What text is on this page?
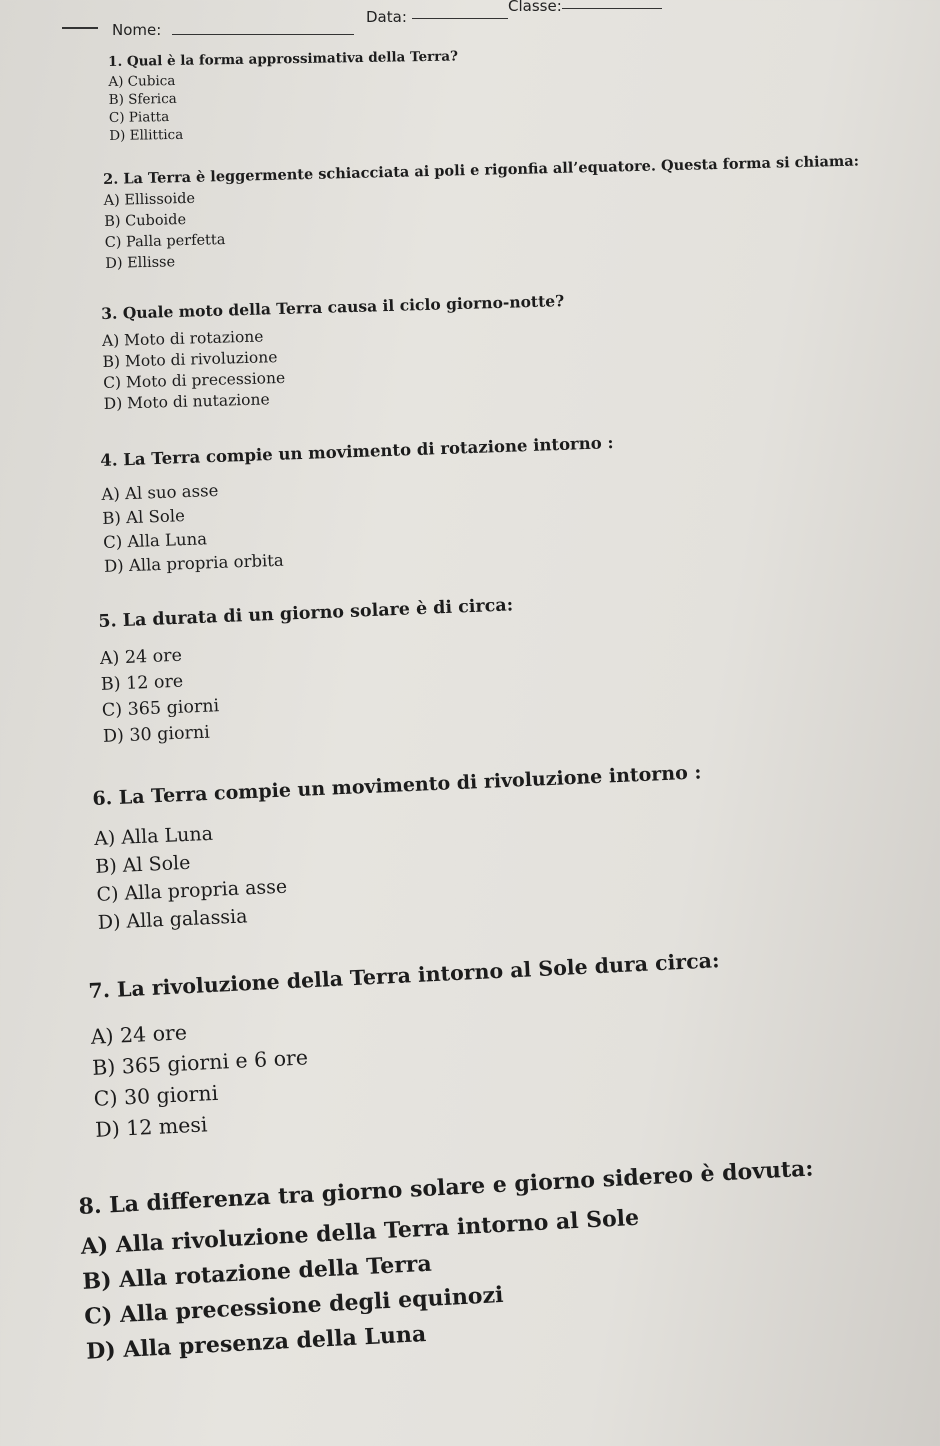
Nome:
Data:
Classe:
1. Qual è la forma approssimativa della Terra?
A) Cubica
B) Sferica
C) Piatta
D) Ellittica
2. La Terra è leggermente schiacciata ai poli e rigonfia all’equatore. Questa forma si chiama:
A) Ellissoide
B) Cuboide
C) Palla perfetta
D) Ellisse
3. Quale moto della Terra causa il ciclo giorno-notte?
A) Moto di rotazione
B) Moto di rivoluzione
C) Moto di precessione
D) Moto di nutazione
4. La Terra compie un movimento di rotazione intorno :
A) Al suo asse
B) Al Sole
C) Alla Luna
D) Alla propria orbita
5. La durata di un giorno solare è di circa:
A) 24 ore
B) 12 ore
C) 365 giorni
D) 30 giorni
6. La Terra compie un movimento di rivoluzione intorno :
A) Alla Luna
B) Al Sole
C) Alla propria asse
D) Alla galassia
7. La rivoluzione della Terra intorno al Sole dura circa:
A) 24 ore
B) 365 giorni e 6 ore
C) 30 giorni
D) 12 mesi
8. La differenza tra giorno solare e giorno sidereo è dovuta:
A) Alla rivoluzione della Terra intorno al Sole
B) Alla rotazione della Terra
C) Alla precessione degli equinozi
D) Alla presenza della Luna
